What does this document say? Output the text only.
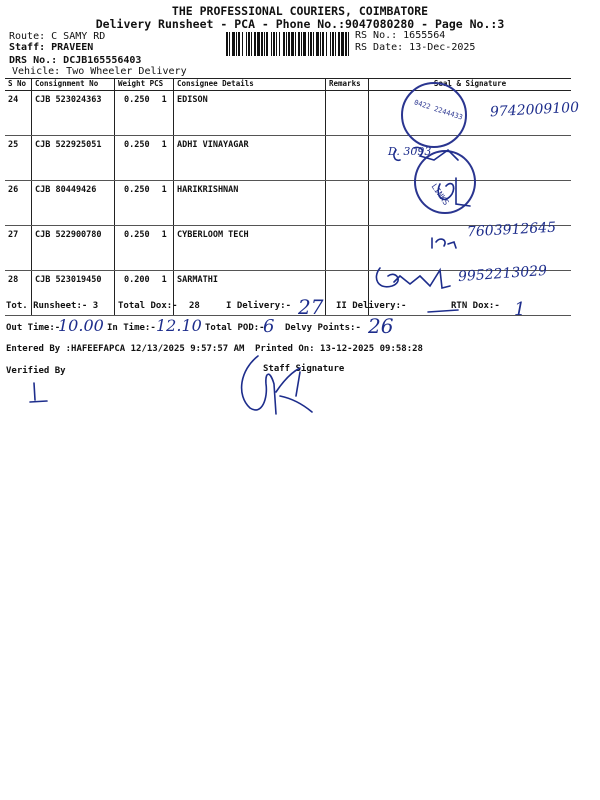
THE PROFESSIONAL COURIERS, COIMBATORE
Delivery Runsheet - PCA - Phone No.:9047080280 - Page No.:3
Route: C SAMY RD
Staff: PRAVEEN
DRS No.: DCJB165556403
Vehicle: Two Wheeler Delivery
RS No.: 1655564
RS Date: 13-Dec-2025
S No	Consignment No	Weight PCS	Consignee Details	Remarks	Seal & Signature
24	CJB 523024363	0.250 1	EDISON		
25	CJB 522925051	0.250 1	ADHI VINAYAGAR		
26	CJB 80449426	0.250 1	HARIKRISHNAN		
27	CJB 522900780	0.250 1	CYBERLOOM TECH		
28	CJB 523019450	0.200 1	SARMATHI		
0422 2244433
LINKS
Tot. Runsheet:- 3 Total Dox:- 28	I Delivery:- 27 II Delivery:-	RTN Dox:- 1
Out Time:-
10.00 In Time:- 12.10 Total POD:-
6 Delvy Points:- 26
Entered By :HAFEEFAPCA 12/13/2025 9:57:57 AM Printed On: 13-12-2025 09:58:28
Verified By	Staff Signature
9742009100
D. 3093
7603912645
9952213029
